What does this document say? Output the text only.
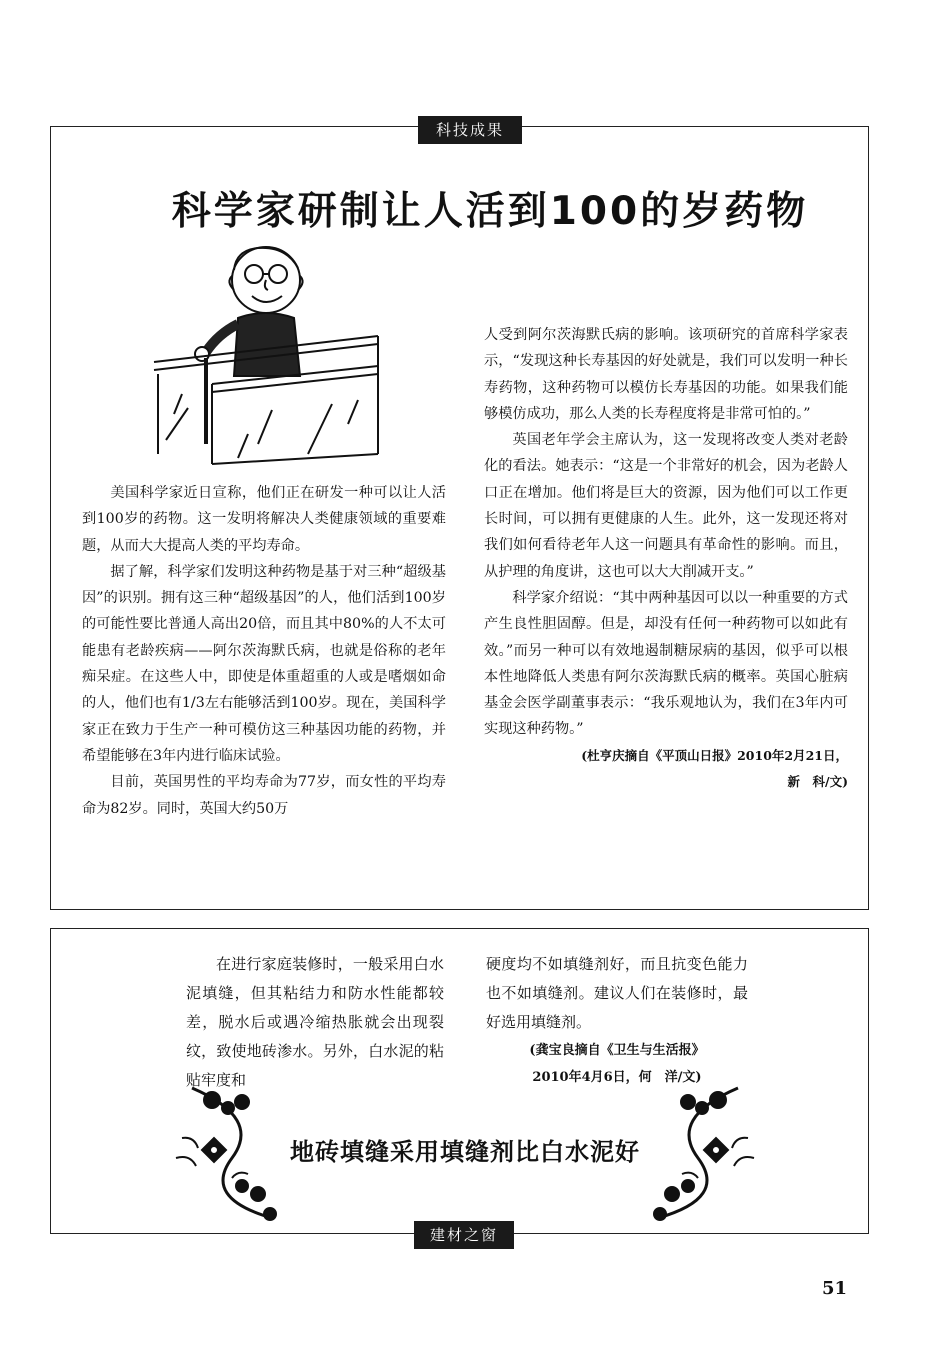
科技成果
科学家研制让人活到100的岁药物

美国科学家近日宣称，他们正在研发一种可以让人活到100岁的药物。这一发明将解决人类健康领域的重要难题，从而大大提高人类的平均寿命。

据了解，科学家们发明这种药物是基于对三种“超级基因”的识别。拥有这三种“超级基因”的人，他们活到100岁的可能性要比普通人高出20倍，而且其中80%的人不太可能患有老龄疾病——阿尔茨海默氏病，也就是俗称的老年痴呆症。在这些人中，即使是体重超重的人或是嗜烟如命的人，他们也有1/3左右能够活到100岁。现在，美国科学家正在致力于生产一种可模仿这三种基因功能的药物，并希望能够在3年内进行临床试验。

目前，英国男性的平均寿命为77岁，而女性的平均寿命为82岁。同时，英国大约50万

人受到阿尔茨海默氏病的影响。该项研究的首席科学家表示，“发现这种长寿基因的好处就是，我们可以发明一种长寿药物，这种药物可以模仿长寿基因的功能。如果我们能够模仿成功，那么人类的长寿程度将是非常可怕的。”

英国老年学会主席认为，这一发现将改变人类对老龄化的看法。她表示：“这是一个非常好的机会，因为老龄人口正在增加。他们将是巨大的资源，因为他们可以工作更长时间，可以拥有更健康的人生。此外，这一发现还将对我们如何看待老年人这一问题具有革命性的影响。而且，从护理的角度讲，这也可以大大削减开支。”

科学家介绍说：“其中两种基因可以以一种重要的方式产生良性胆固醇。但是，却没有任何一种药物可以如此有效。”而另一种可以有效地遏制糖尿病的基因，似乎可以根本性地降低人类患有阿尔茨海默氏病的概率。英国心脏病基金会医学副董事表示：“我乐观地认为，我们在3年内可实现这种药物。”

(杜亨庆摘自《平顶山日报》2010年2月21日，
新　科/文)

在进行家庭装修时，一般采用白水泥填缝，但其粘结力和防水性能都较差，脱水后或遇冷缩热胀就会出现裂纹，致使地砖渗水。另外，白水泥的粘贴牢度和

硬度均不如填缝剂好，而且抗变色能力也不如填缝剂。建议人们在装修时，最好选用填缝剂。

(龚宝良摘自《卫生与生活报》
2010年4月6日，何　洋/文)
地砖填缝采用填缝剂比白水泥好
建材之窗
51
